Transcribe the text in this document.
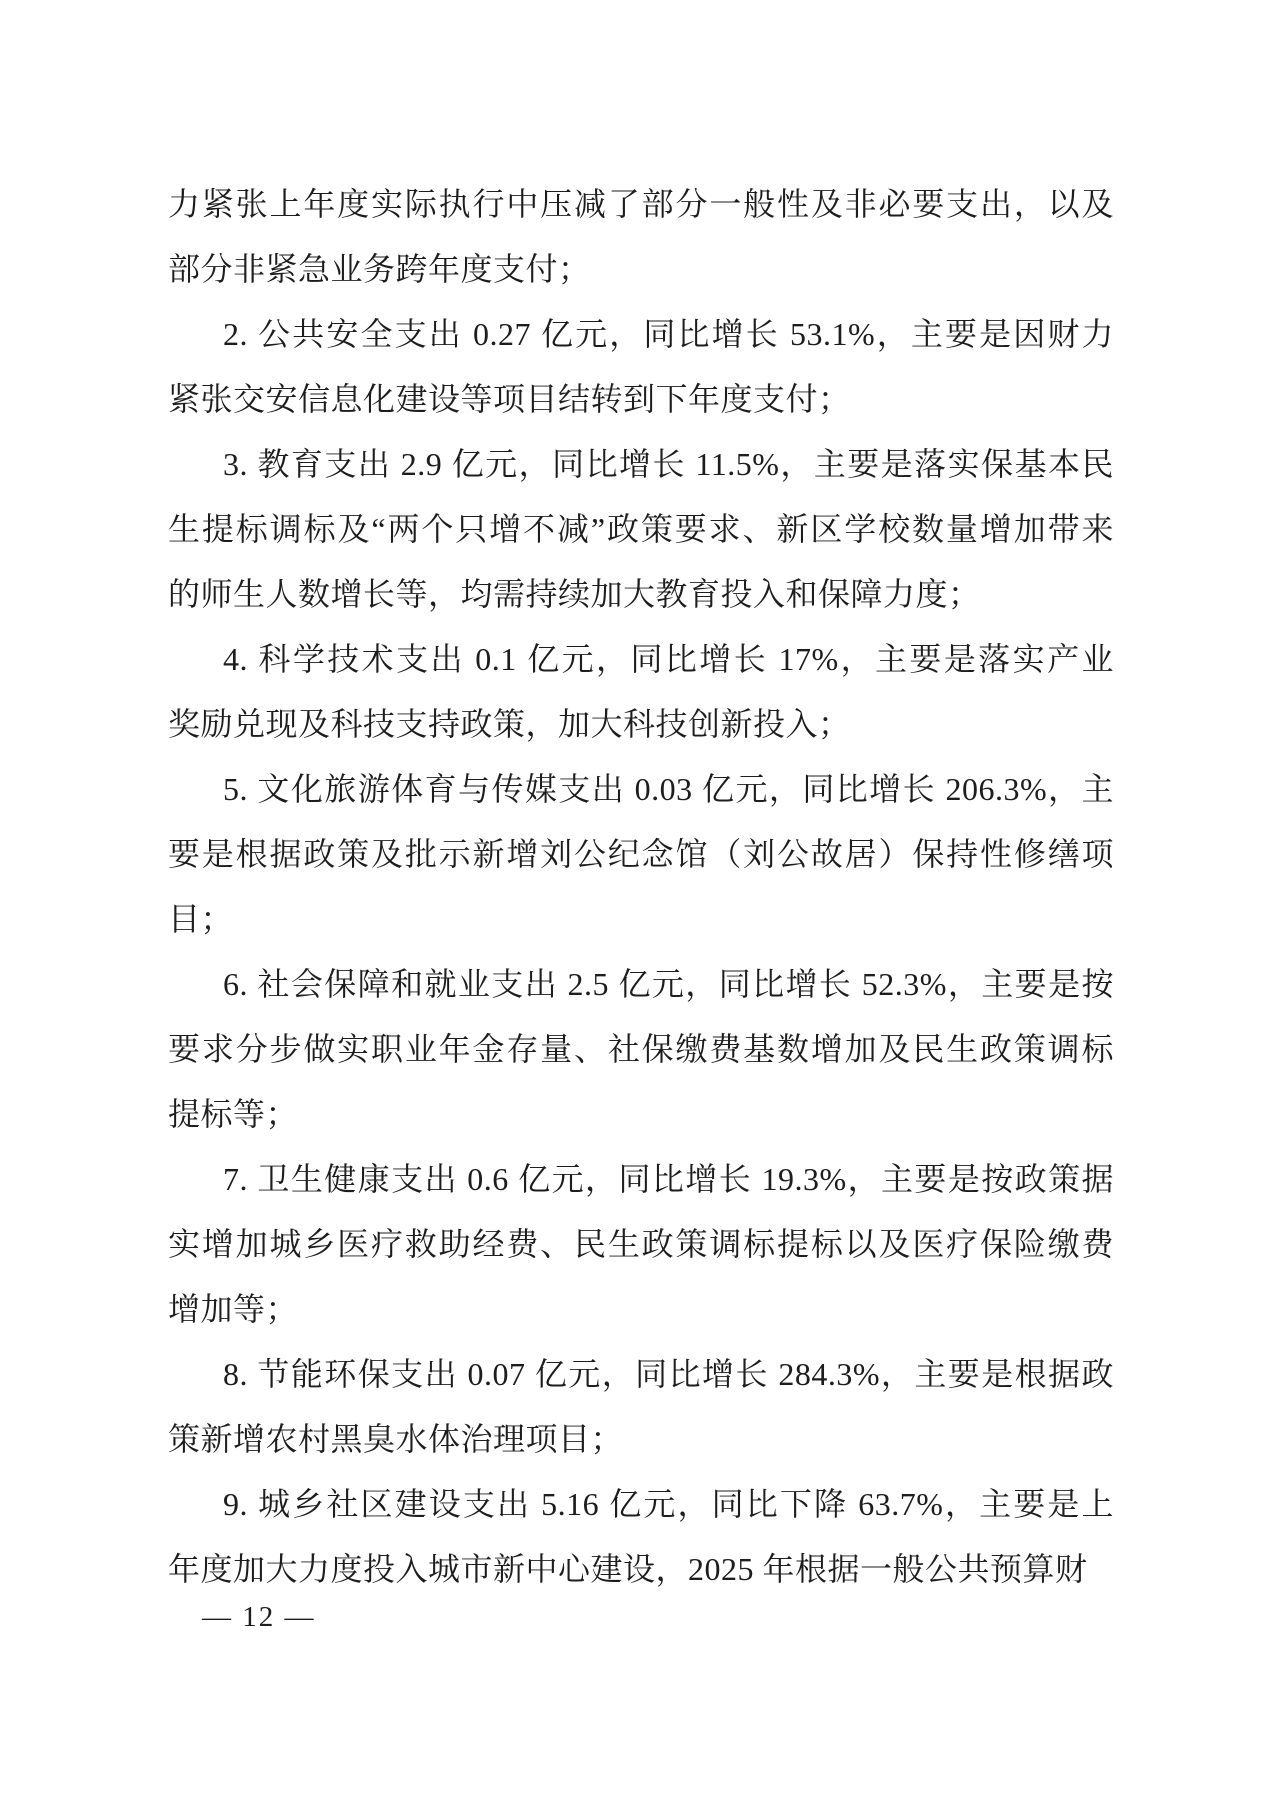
力紧张上年度实际执行中压减了部分一般性及非必要支出，以及
部分非紧急业务跨年度支付；
2. 公共安全支出 0.27 亿元，同比增长 53.1%，主要是因财力
紧张交安信息化建设等项目结转到下年度支付；
3. 教育支出 2.9 亿元，同比增长 11.5%，主要是落实保基本民
生提标调标及“两个只增不减”政策要求、新区学校数量增加带来
的师生人数增长等，均需持续加大教育投入和保障力度；
4. 科学技术支出 0.1 亿元，同比增长 17%，主要是落实产业
奖励兑现及科技支持政策，加大科技创新投入；
5. 文化旅游体育与传媒支出 0.03 亿元，同比增长 206.3%，主
要是根据政策及批示新增刘公纪念馆（刘公故居）保持性修缮项
目；
6. 社会保障和就业支出 2.5 亿元，同比增长 52.3%，主要是按
要求分步做实职业年金存量、社保缴费基数增加及民生政策调标
提标等；
7. 卫生健康支出 0.6 亿元，同比增长 19.3%，主要是按政策据
实增加城乡医疗救助经费、民生政策调标提标以及医疗保险缴费
增加等；
8. 节能环保支出 0.07 亿元，同比增长 284.3%，主要是根据政
策新增农村黑臭水体治理项目；
9. 城乡社区建设支出 5.16 亿元，同比下降 63.7%，主要是上
年度加大力度投入城市新中心建设，2025 年根据一般公共预算财
— 12 —
